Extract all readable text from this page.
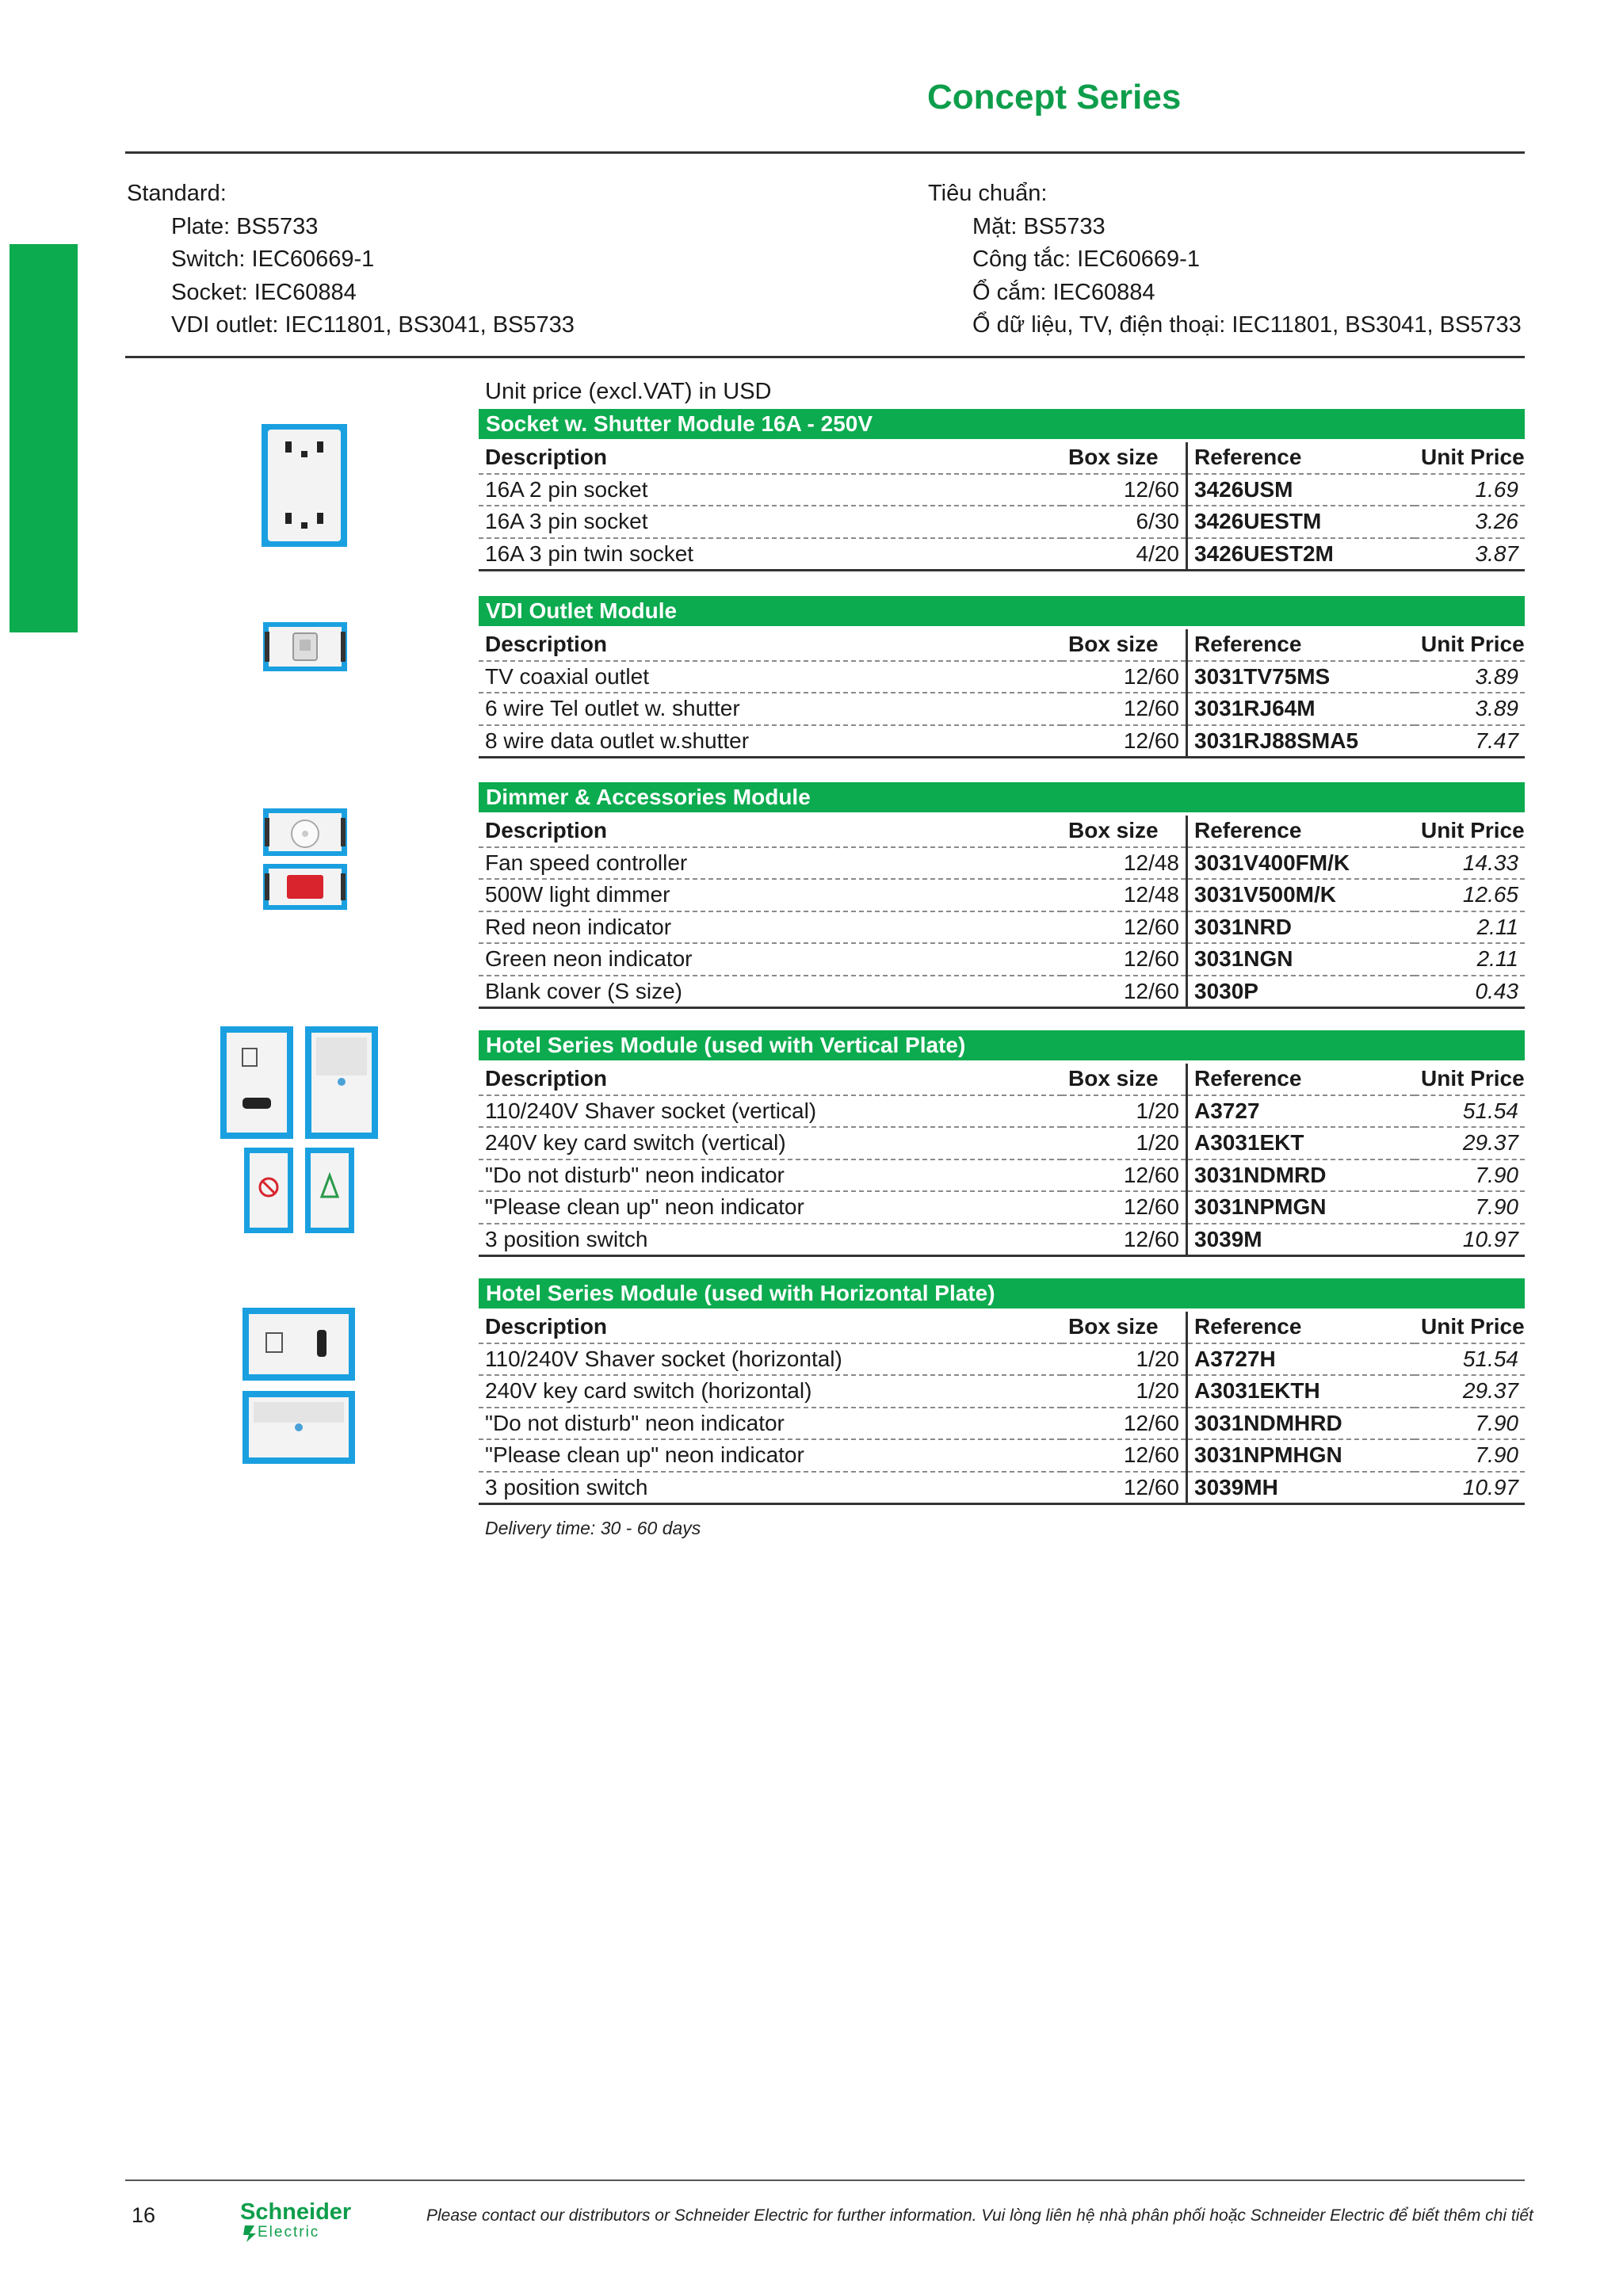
Concept Series
Standard:
Plate: BS5733
Switch: IEC60669-1
Socket: IEC60884
VDI outlet: IEC11801, BS3041, BS5733
Tiêu chuẩn:
Mặt: BS5733
Công tắc: IEC60669-1
Ổ cắm: IEC60884
Ổ dữ liệu, TV, điện thoại: IEC11801, BS3041, BS5733
Unit price (excl.VAT) in USD
Socket w. Shutter Module 16A - 250V
Description	Box size	Reference	Unit Price
16A 2 pin socket	12/60	3426USM	1.69
16A 3 pin socket	6/30	3426UESTM	3.26
16A 3 pin twin socket	4/20	3426UEST2M	3.87
VDI Outlet Module
Description	Box size	Reference	Unit Price
TV coaxial outlet	12/60	3031TV75MS	3.89
6 wire Tel outlet w. shutter	12/60	3031RJ64M	3.89
8 wire data outlet w.shutter	12/60	3031RJ88SMA5	7.47
Dimmer & Accessories Module
Description	Box size	Reference	Unit Price
Fan speed controller	12/48	3031V400FM/K	14.33
500W light dimmer	12/48	3031V500M/K	12.65
Red neon indicator	12/60	3031NRD	2.11
Green neon indicator	12/60	3031NGN	2.11
Blank cover (S size)	12/60	3030P	0.43
Hotel Series Module (used with Vertical Plate)
Description	Box size	Reference	Unit Price
110/240V Shaver socket (vertical)	1/20	A3727	51.54
240V key card switch (vertical)	1/20	A3031EKT	29.37
"Do not disturb" neon indicator	12/60	3031NDMRD	7.90
"Please clean up" neon indicator	12/60	3031NPMGN	7.90
3 position switch	12/60	3039M	10.97
Hotel Series Module (used with Horizontal Plate)
Description	Box size	Reference	Unit Price
110/240V Shaver socket (horizontal)	1/20	A3727H	51.54
240V key card switch (horizontal)	1/20	A3031EKTH	29.37
"Do not disturb" neon indicator	12/60	3031NDMHRD	7.90
"Please clean up" neon indicator	12/60	3031NPMHGN	7.90
3 position switch	12/60	3039MH	10.97
Delivery time: 30 - 60 days
16	Schneider
Electric
Please contact our distributors or Schneider Electric for further information. Vui lòng liên hệ nhà phân phối hoặc Schneider Electric để biết thêm chi tiết
